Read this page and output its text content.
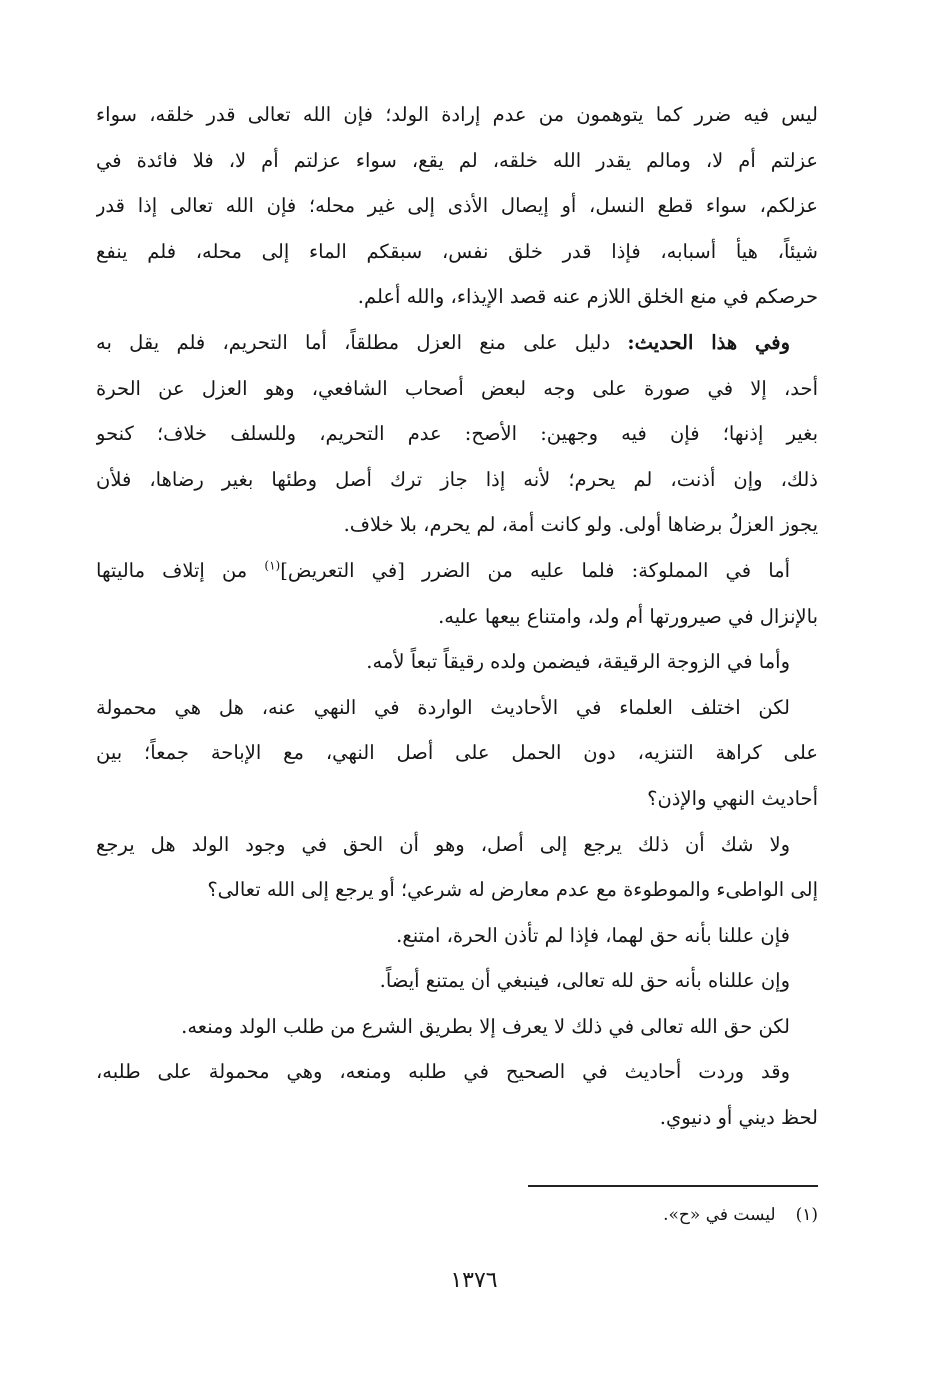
ليس فيه ضرر كما يتوهمون من عدم إرادة الولد؛ فإن الله تعالى قدر خلقه، سواء
عزلتم أم لا، ومالم يقدر الله خلقه، لم يقع، سواء عزلتم أم لا، فلا فائدة في
عزلكم، سواء قطع النسل، أو إيصال الأذى إلى غير محله؛ فإن الله تعالى إذا قدر
شيئاً، هيأ أسبابه، فإذا قدر خلق نفس، سبقكم الماء إلى محله، فلم ينفع
حرصكم في منع الخلق اللازم عنه قصد الإيذاء، والله أعلم.
وفي هذا الحديث: دليل على منع العزل مطلقاً، أما التحريم، فلم يقل به
أحد، إلا في صورة على وجه لبعض أصحاب الشافعي، وهو العزل عن الحرة
بغير إذنها؛ فإن فيه وجهين: الأصح: عدم التحريم، وللسلف خلاف؛ كنحو
ذلك، وإن أذنت، لم يحرم؛ لأنه إذا جاز ترك أصل وطئها بغير رضاها، فلأن
يجوز العزلُ برضاها أولى. ولو كانت أمة، لم يحرم، بلا خلاف.
أما في المملوكة: فلما عليه من الضرر [في التعريض]$^{(١)}$ من إتلاف ماليتها
بالإنزال في صيرورتها أم ولد، وامتناع بيعها عليه.
وأما في الزوجة الرقيقة، فيضمن ولده رقيقاً تبعاً لأمه.
لكن اختلف العلماء في الأحاديث الواردة في النهي عنه، هل هي محمولة
على كراهة التنزيه، دون الحمل على أصل النهي، مع الإباحة جمعاً؛ بين
أحاديث النهي والإذن؟
ولا شك أن ذلك يرجع إلى أصل، وهو أن الحق في وجود الولد هل يرجع
إلى الواطىء والموطوءة مع عدم معارض له شرعي؛ أو يرجع إلى الله تعالى؟
فإن عللنا بأنه حق لهما، فإذا لم تأذن الحرة، امتنع.
وإن عللناه بأنه حق لله تعالى، فينبغي أن يمتنع أيضاً.
لكن حق الله تعالى في ذلك لا يعرف إلا بطريق الشرع من طلب الولد ومنعه.
وقد وردت أحاديث في الصحيح في طلبه ومنعه، وهي محمولة على طلبه،
لحظ ديني أو دنيوي.
(١)ليست في «ح».
١٣٧٦
